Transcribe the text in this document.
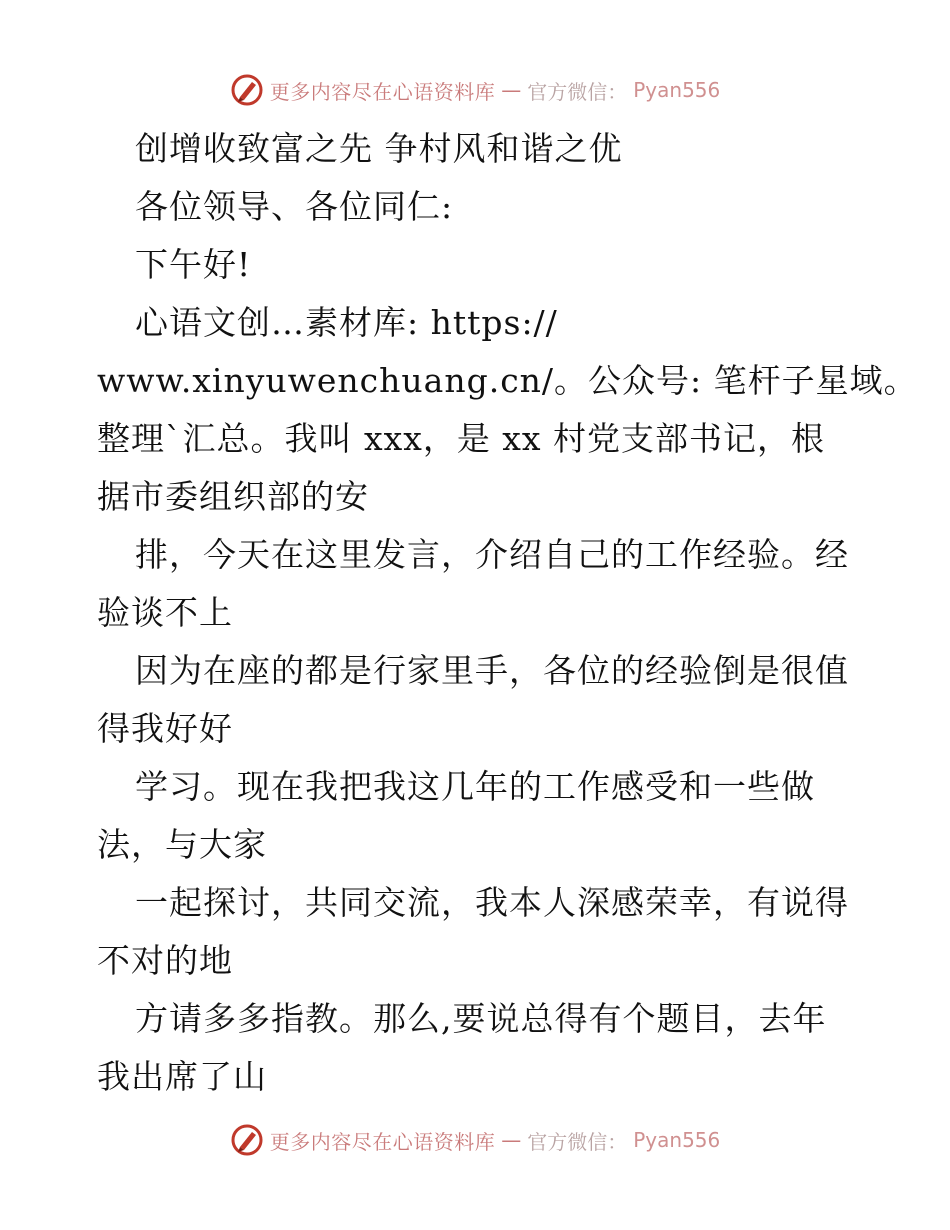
更多内容尽在心语资料库 — 官方微信： Pyan556
创增收致富之先 争村风和谐之优
各位领导、各位同仁:
下午好!
心语文创…素材库: https://
www.xinyuwenchuang.cn/。公众号: 笔杆子星域。
整理`汇总。我叫 xxx，是 xx 村党支部书记，根
据市委组织部的安
排，今天在这里发言，介绍自己的工作经验。经
验谈不上
因为在座的都是行家里手，各位的经验倒是很值
得我好好
学习。现在我把我这几年的工作感受和一些做
法，与大家
一起探讨，共同交流，我本人深感荣幸，有说得
不对的地
方请多多指教。那么,要说总得有个题目，去年
我出席了山
更多内容尽在心语资料库 — 官方微信： Pyan556
